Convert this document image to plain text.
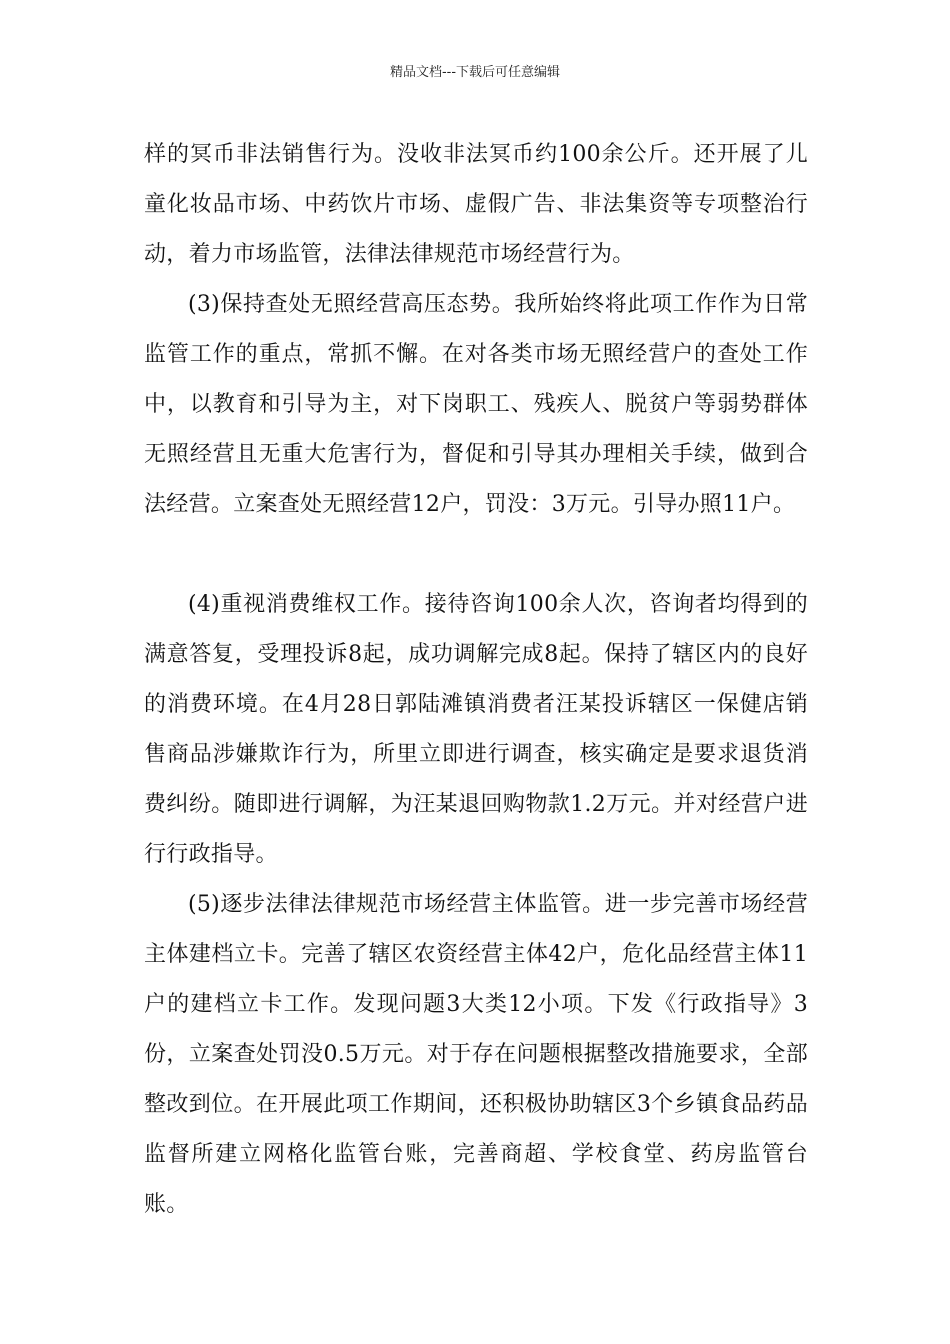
精品文档---下载后可任意编辑

样的冥币非法销售行为。没收非法冥币约100余公斤。还开展了儿童化妆品市场、中药饮片市场、虚假广告、非法集资等专项整治行动，着力市场监管，法律法律规范市场经营行为。

(3)保持查处无照经营高压态势。我所始终将此项工作作为日常监管工作的重点，常抓不懈。在对各类市场无照经营户的查处工作中，以教育和引导为主，对下岗职工、残疾人、脱贫户等弱势群体无照经营且无重大危害行为，督促和引导其办理相关手续，做到合法经营。立案查处无照经营12户，罚没：3万元。引导办照11户。

(4)重视消费维权工作。接待咨询100余人次，咨询者均得到的满意答复，受理投诉8起，成功调解完成8起。保持了辖区内的良好的消费环境。在4月28日郭陆滩镇消费者汪某投诉辖区一保健店销售商品涉嫌欺诈行为，所里立即进行调查，核实确定是要求退货消费纠纷。随即进行调解，为汪某退回购物款1.2万元。并对经营户进行行政指导。

(5)逐步法律法律规范市场经营主体监管。进一步完善市场经营主体建档立卡。完善了辖区农资经营主体42户，危化品经营主体11户的建档立卡工作。发现问题3大类12小项。下发《行政指导》3份，立案查处罚没0.5万元。对于存在问题根据整改措施要求，全部整改到位。在开展此项工作期间，还积极协助辖区3个乡镇食品药品监督所建立网格化监管台账，完善商超、学校食堂、药房监管台账。
